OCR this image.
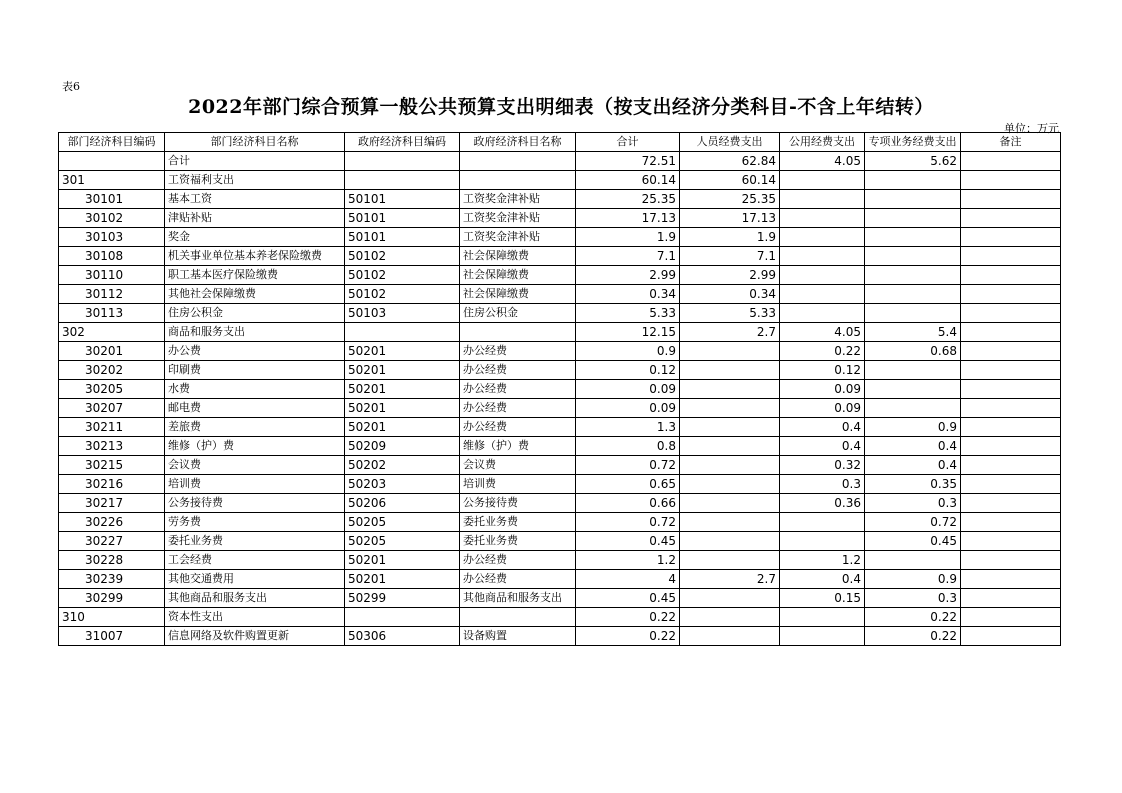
表6
2022年部门综合预算一般公共预算支出明细表（按支出经济分类科目-不含上年结转）
单位：万元
部门经济科目编码	部门经济科目名称	政府经济科目编码	政府经济科目名称	合计	人员经费支出	公用经费支出	专项业务经费支出	备注
	合计			72.51	62.84	4.05	5.62	
301	工资福利支出			60.14	60.14			
30101	基本工资	50101	工资奖金津补贴	25.35	25.35			
30102	津贴补贴	50101	工资奖金津补贴	17.13	17.13			
30103	奖金	50101	工资奖金津补贴	1.9	1.9			
30108	机关事业单位基本养老保险缴费	50102	社会保障缴费	7.1	7.1			
30110	职工基本医疗保险缴费	50102	社会保障缴费	2.99	2.99			
30112	其他社会保障缴费	50102	社会保障缴费	0.34	0.34			
30113	住房公积金	50103	住房公积金	5.33	5.33			
302	商品和服务支出			12.15	2.7	4.05	5.4	
30201	办公费	50201	办公经费	0.9		0.22	0.68	
30202	印刷费	50201	办公经费	0.12		0.12		
30205	水费	50201	办公经费	0.09		0.09		
30207	邮电费	50201	办公经费	0.09		0.09		
30211	差旅费	50201	办公经费	1.3		0.4	0.9	
30213	维修（护）费	50209	维修（护）费	0.8		0.4	0.4	
30215	会议费	50202	会议费	0.72		0.32	0.4	
30216	培训费	50203	培训费	0.65		0.3	0.35	
30217	公务接待费	50206	公务接待费	0.66		0.36	0.3	
30226	劳务费	50205	委托业务费	0.72			0.72	
30227	委托业务费	50205	委托业务费	0.45			0.45	
30228	工会经费	50201	办公经费	1.2		1.2		
30239	其他交通费用	50201	办公经费	4	2.7	0.4	0.9	
30299	其他商品和服务支出	50299	其他商品和服务支出	0.45		0.15	0.3	
310	资本性支出			0.22			0.22	
31007	信息网络及软件购置更新	50306	设备购置	0.22			0.22	
